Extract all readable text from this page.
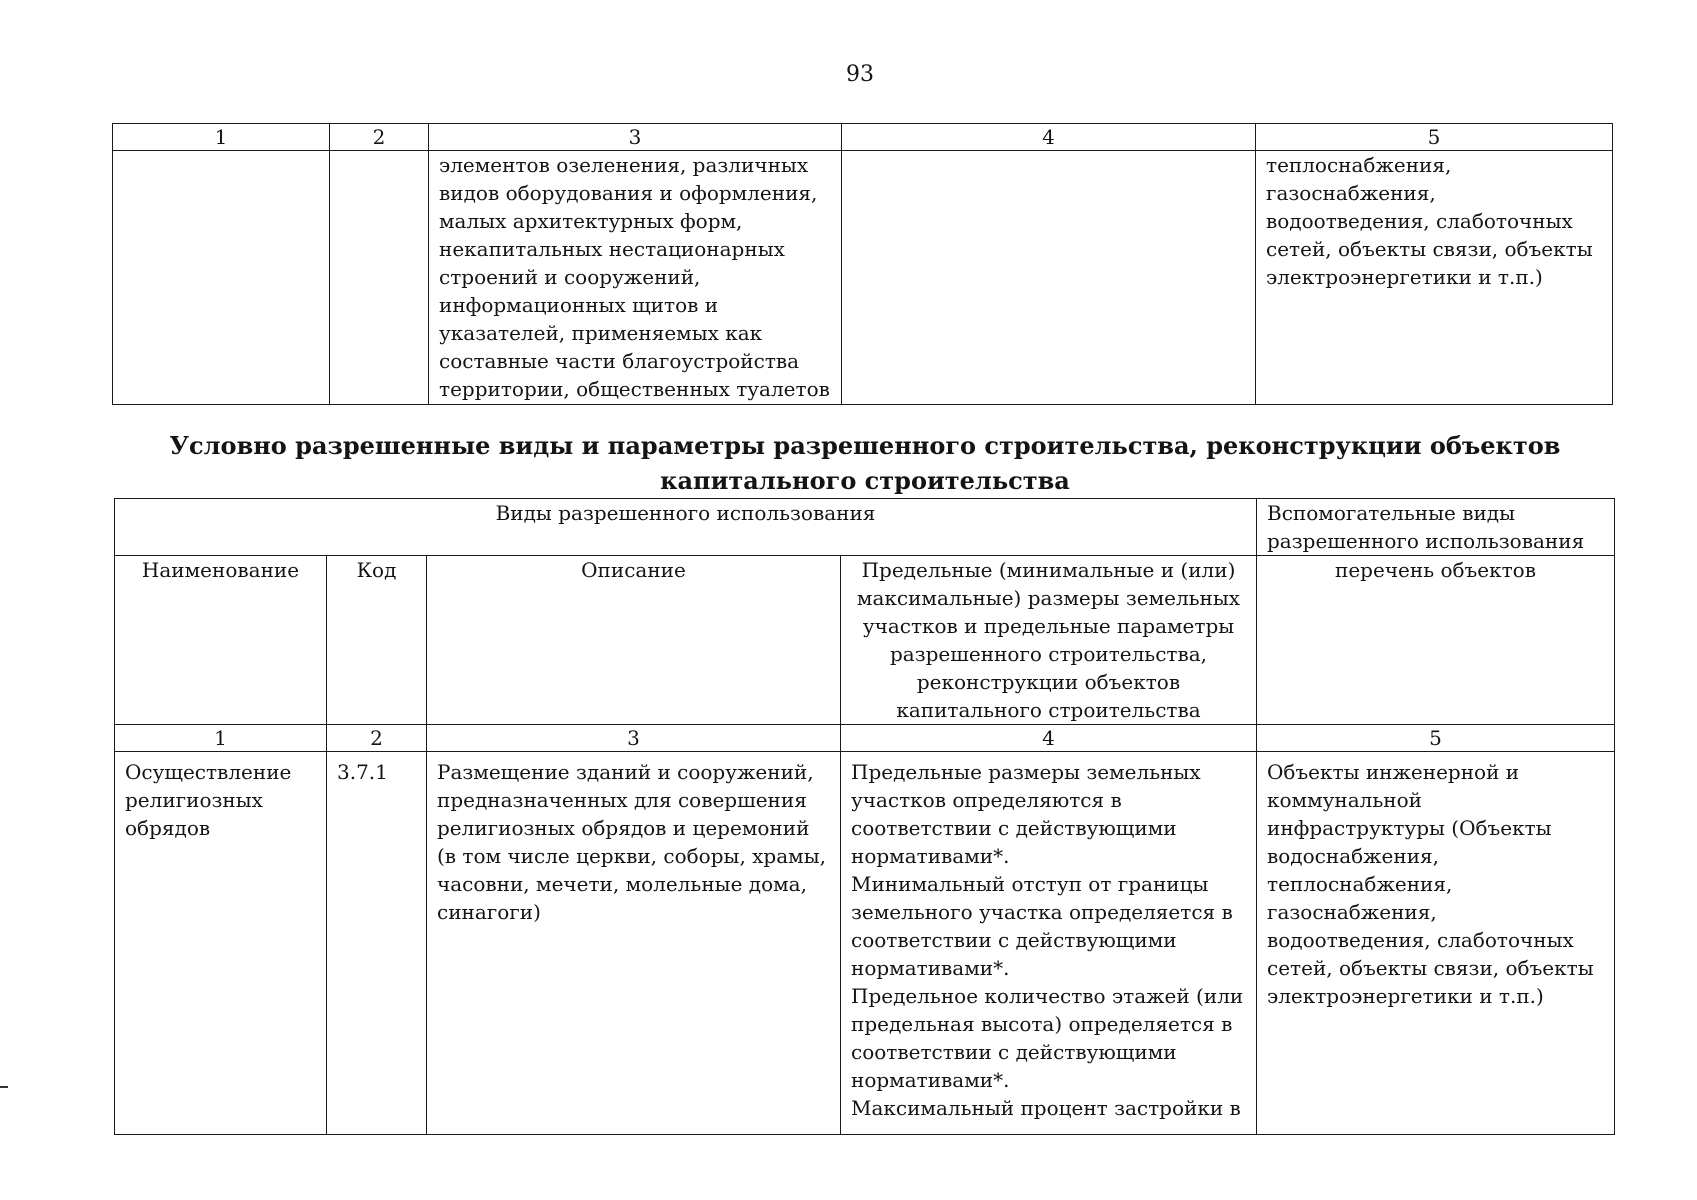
93
1	2	3	4	5
		элементов озеленения, различных видов оборудования и оформления, малых архитектурных форм, некапитальных нестационарных строений и сооружений, информационных щитов и указателей, применяемых как составные части благоустройства территории, общественных туалетов		теплоснабжения, газоснабжения, водоотведения, слаботочных сетей, объекты связи, объекты электроэнергетики и т.п.)
Условно разрешенные виды и параметры разрешенного строительства, реконструкции объектов капитального строительства
Виды разрешенного использования				Вспомогательные виды разрешенного использования
Наименование	Код	Описание	Предельные (минимальные и (или) максимальные) размеры земельных участков и предельные параметры разрешенного строительства, реконструкции объектов капитального строительства	перечень объектов
1	2	3	4	5
Осуществление религиозных обрядов	3.7.1	Размещение зданий и сооружений, предназначенных для совершения религиозных обрядов и церемоний (в том числе церкви, соборы, храмы, часовни, мечети, молельные дома, синагоги)	Предельные размеры земельных участков определяются в соответствии с действующими нормативами*.
Минимальный отступ от границы земельного участка определяется в соответствии с действующими нормативами*.
Предельное количество этажей (или предельная высота) определяется в соответствии с действующими нормативами*.
Максимальный процент застройки в	Объекты инженерной и коммунальной инфраструктуры (Объекты водоснабжения, теплоснабжения, газоснабжения, водоотведения, слаботочных сетей, объекты связи, объекты электроэнергетики и т.п.)
